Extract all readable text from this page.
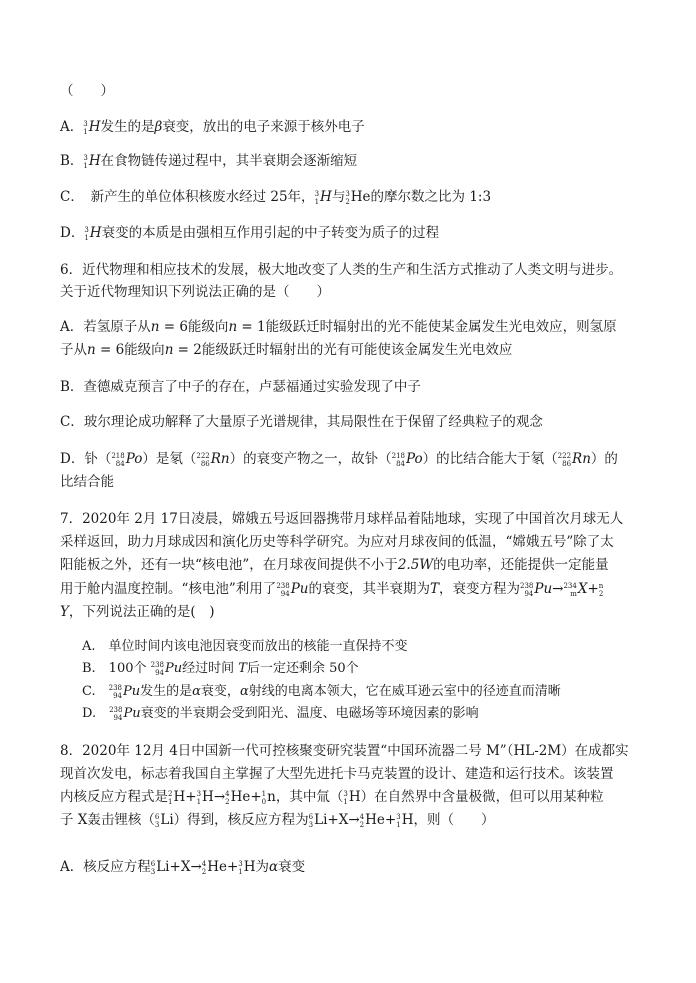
（　　）
A． 3
1 H发生的是β衰变，放出的电子来源于核外电子
B． 3
1 H在食物链传递过程中，其半衰期会逐渐缩短
C．　新产生的单位体积核废水经过 25年， 3
1 H与 3
2 He的摩尔数之比为 1:3
D． 3
1 H衰变的本质是由强相互作用引起的中子转变为质子的过程
6．近代物理和相应技术的发展，极大地改变了人类的生产和生活方式推动了人类文明与进步。
关于近代物理知识下列说法正确的是（　　）
A．若氢原子从n = 6能级向n = 1能级跃迁时辐射出的光不能使某金属发生光电效应，则氢原
子从n = 6能级向n = 2能级跃迁时辐射出的光有可能使该金属发生光电效应
B．查德威克预言了中子的存在，卢瑟福通过实验发现了中子
C．玻尔理论成功解释了大量原子光谱规律，其局限性在于保留了经典粒子的观念
D．钋（ 218
84 Po）是氡（ 222
86 Rn）的衰变产物之一，故钋（ 218
84 Po）的比结合能大于氡（ 222
86 Rn）的
比结合能
7．2020年 2月 17日凌晨，嫦娥五号返回器携带月球样品着陆地球，实现了中国首次月球无人
采样返回，助力月球成因和演化历史等科学研究。为应对月球夜间的低温，“嫦娥五号”除了太
阳能板之外，还有一块“核电池”，在月球夜间提供不小于2.5W的电功率，还能提供一定能量
用于舱内温度控制。“核电池”利用了 238
94 Pu的衰变，其半衰期为T，衰变方程为 238
94 Pu→ 234
m X+ n
2
Y，下列说法正确的是(　)
A.　单位时间内该电池因衰变而放出的核能一直保持不变
B.　100个 238
94 Pu经过时间 T后一定还剩余 50个
C.　 238
94 Pu发生的是α衰变，α射线的电离本领大，它在威耳逊云室中的径迹直而清晰
D.　 238
94 Pu衰变的半衰期会受到阳光、温度、电磁场等环境因素的影响
8．2020年 12月 4日中国新一代可控核聚变研究装置“中国环流器二号 M”（HL-2M）在成都实
现首次发电，标志着我国自主掌握了大型先进托卡马克装置的设计、建造和运行技术。该装置
内核反应方程式是 2
1 H+ 3
1 H→ 4
2 He+ 1
0 n，其中氚（ 3
1 H）在自然界中含量极微，但可以用某种粒
子 X轰击锂核（ 6
3 Li）得到，核反应方程为 6
3 Li+X→ 4
2 He+ 3
1 H，则（　　）
A．核反应方程 6
3 Li+X→ 4
2 He+ 3
1 H为α衰变
